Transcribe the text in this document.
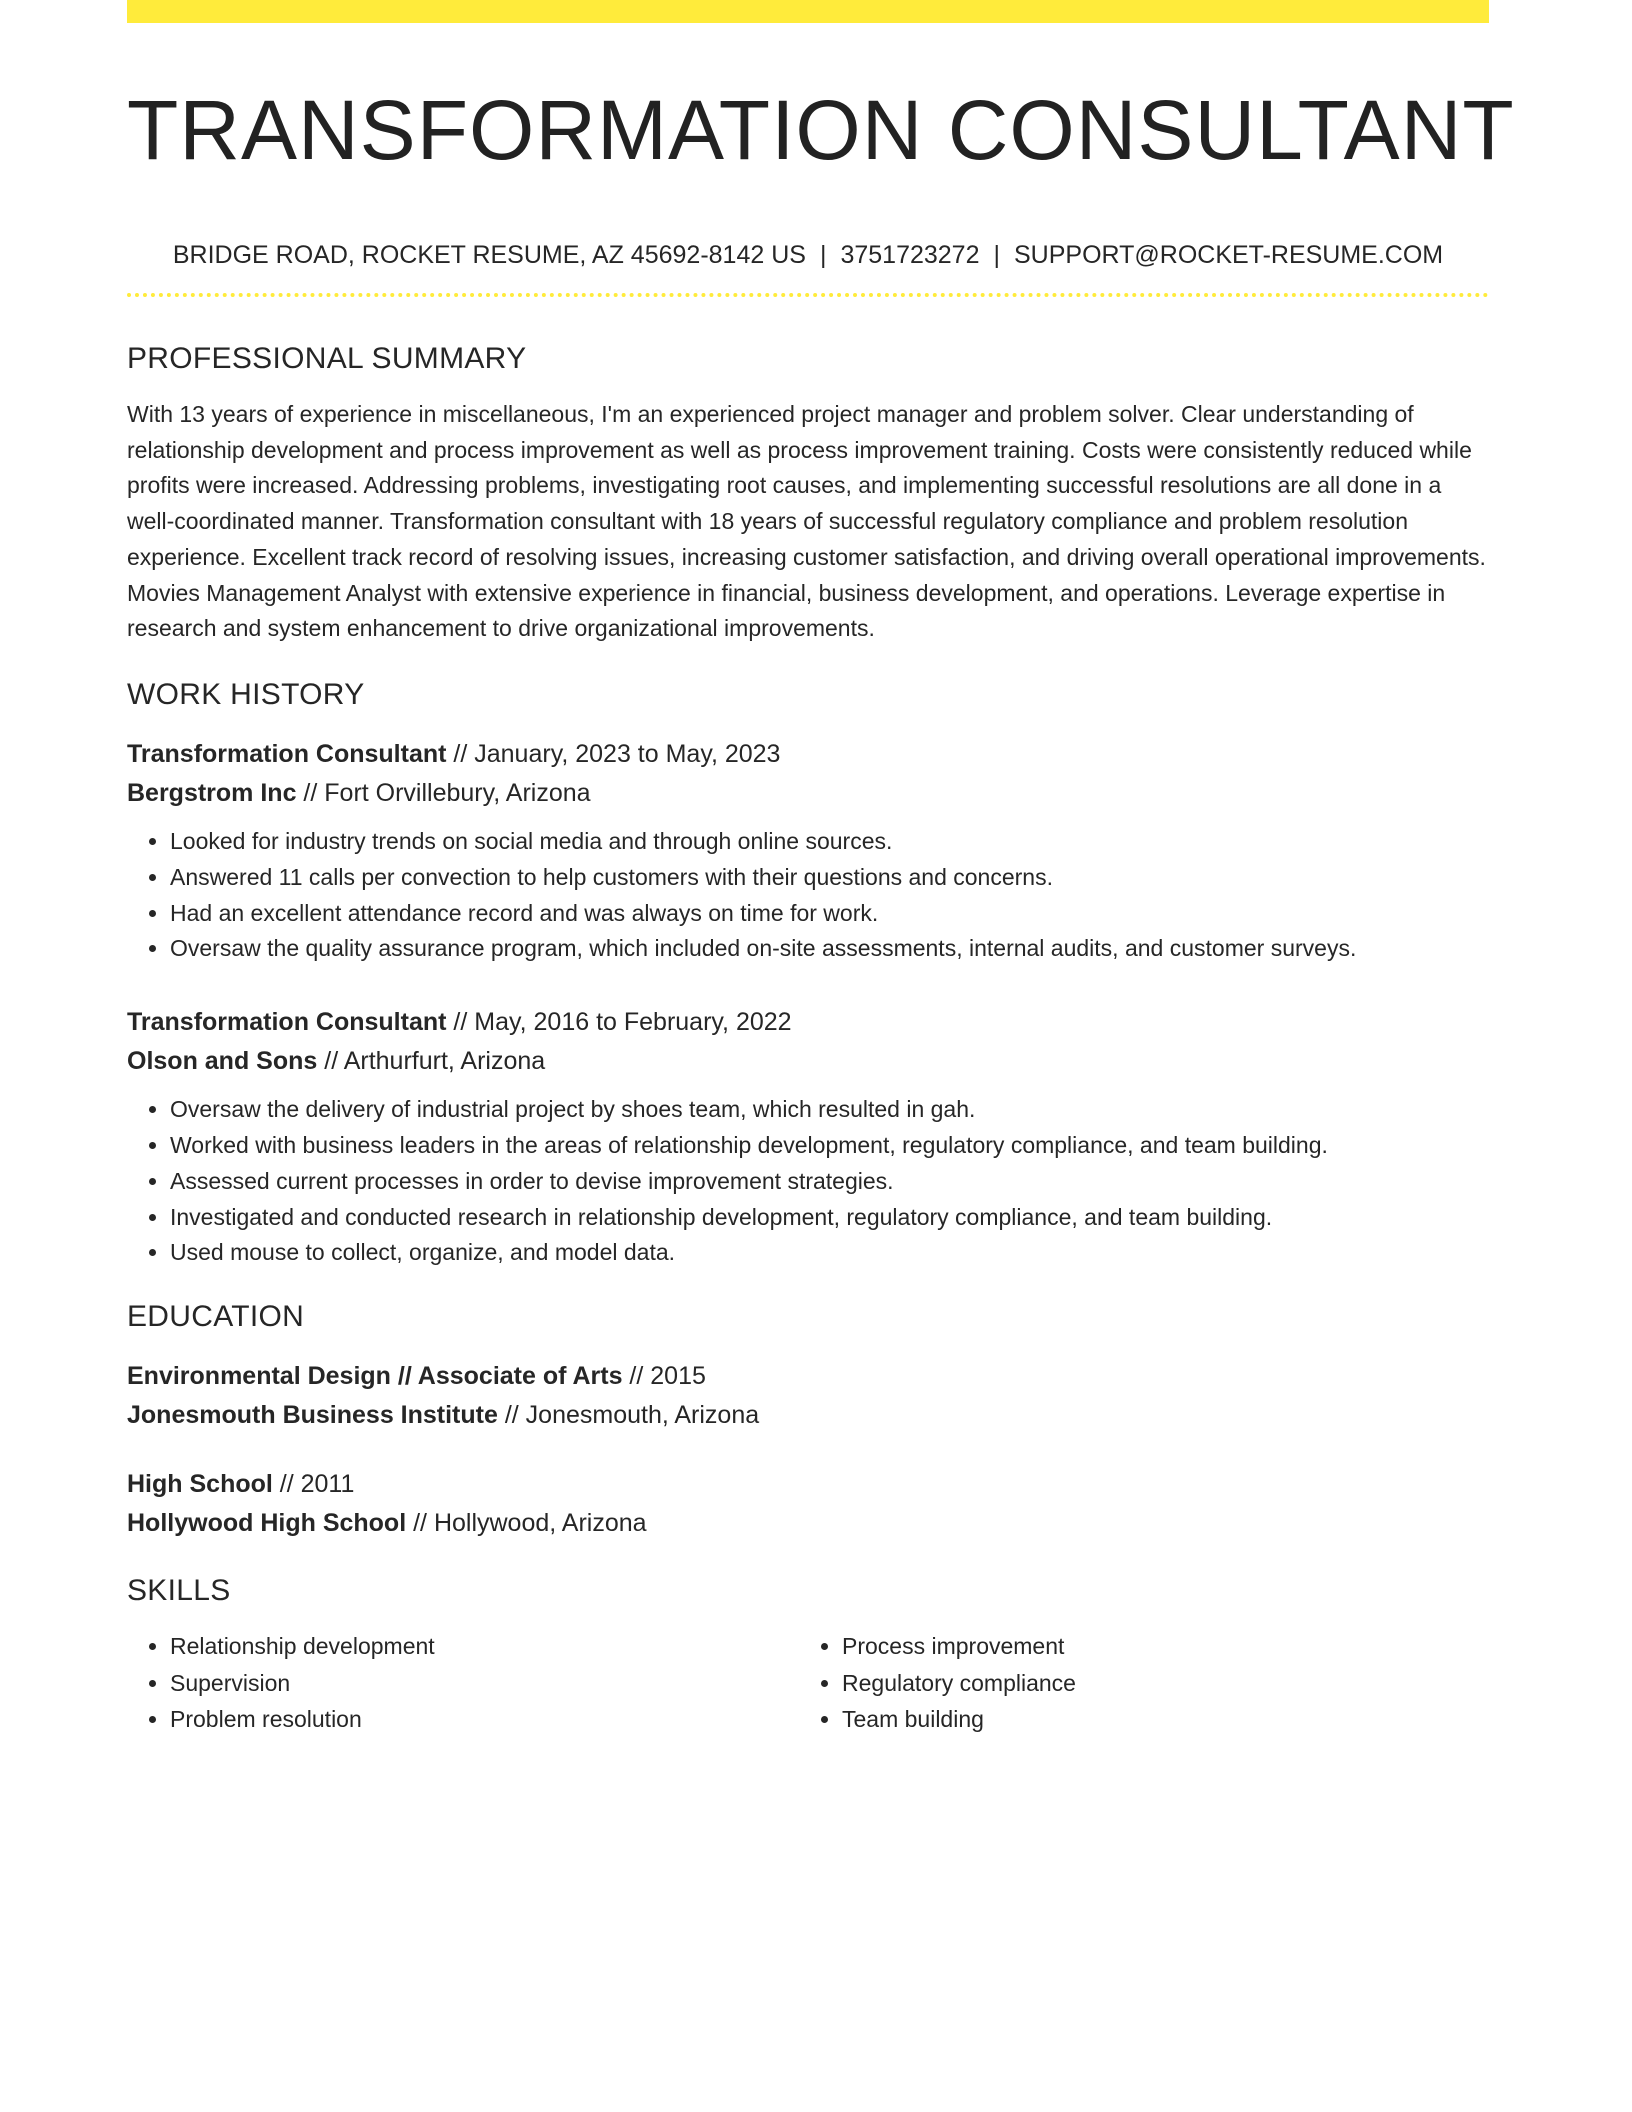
TRANSFORMATION CONSULTANT
BRIDGE ROAD, ROCKET RESUME, AZ 45692-8142 US | 3751723272 | SUPPORT@ROCKET-RESUME.COM
PROFESSIONAL SUMMARY
With 13 years of experience in miscellaneous, I'm an experienced project manager and problem solver. Clear understanding of relationship development and process improvement as well as process improvement training. Costs were consistently reduced while profits were increased. Addressing problems, investigating root causes, and implementing successful resolutions are all done in a well-coordinated manner. Transformation consultant with 18 years of successful regulatory compliance and problem resolution experience. Excellent track record of resolving issues, increasing customer satisfaction, and driving overall operational improvements. Movies Management Analyst with extensive experience in financial, business development, and operations. Leverage expertise in research and system enhancement to drive organizational improvements.
WORK HISTORY
Transformation Consultant // January, 2023 to May, 2023
Bergstrom Inc // Fort Orvillebury, Arizona
• Looked for industry trends on social media and through online sources.
• Answered 11 calls per convection to help customers with their questions and concerns.
• Had an excellent attendance record and was always on time for work.
• Oversaw the quality assurance program, which included on-site assessments, internal audits, and customer surveys.
Transformation Consultant // May, 2016 to February, 2022
Olson and Sons // Arthurfurt, Arizona
• Oversaw the delivery of industrial project by shoes team, which resulted in gah.
• Worked with business leaders in the areas of relationship development, regulatory compliance, and team building.
• Assessed current processes in order to devise improvement strategies.
• Investigated and conducted research in relationship development, regulatory compliance, and team building.
• Used mouse to collect, organize, and model data.
EDUCATION
Environmental Design // Associate of Arts // 2015
Jonesmouth Business Institute // Jonesmouth, Arizona
High School // 2011
Hollywood High School // Hollywood, Arizona
SKILLS
• Relationship development
• Supervision
• Problem resolution
• Process improvement
• Regulatory compliance
• Team building
